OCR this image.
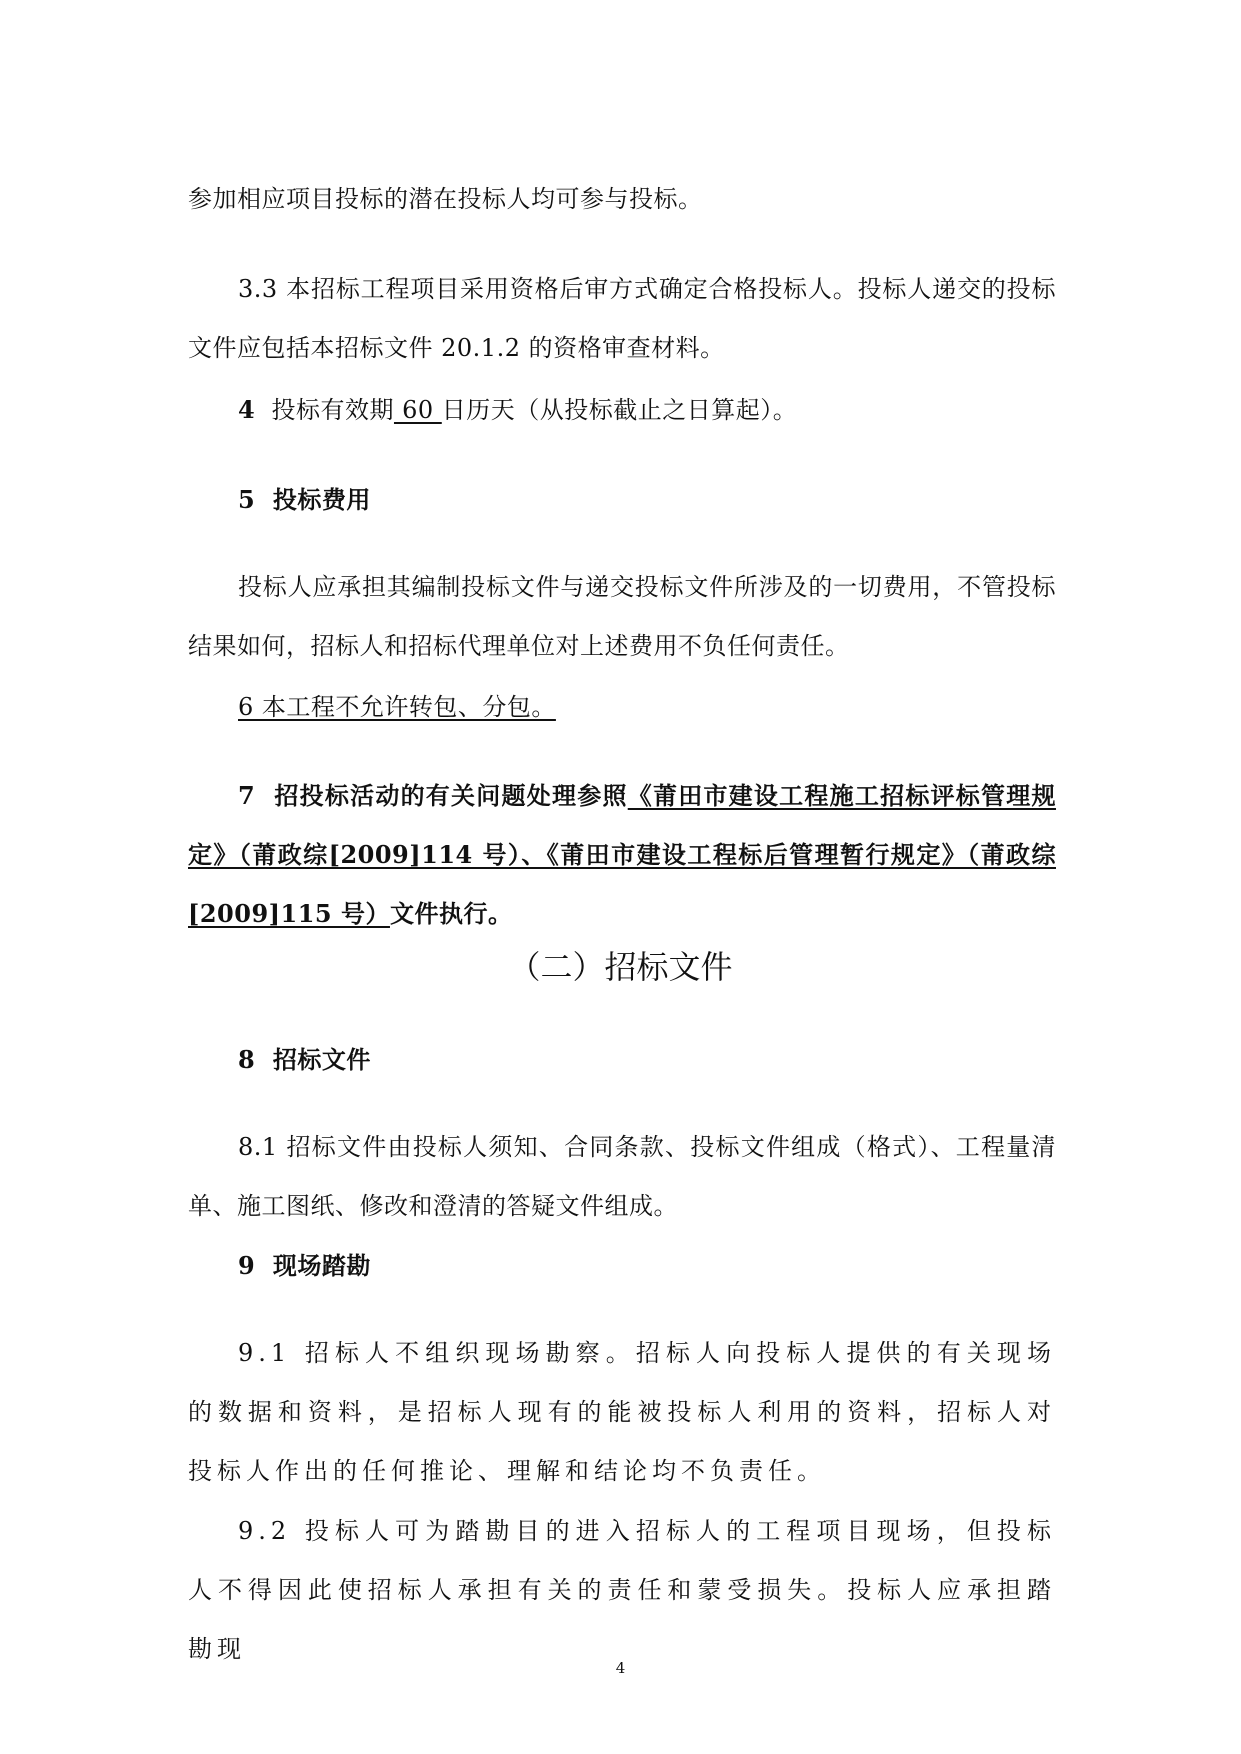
参加相应项目投标的潜在投标人均可参与投标。

3.3 本招标工程项目采用资格后审方式确定合格投标人。投标人递交的投标文件应包括本招标文件 20.1.2 的资格审查材料。

4 投标有效期 60 日历天（从投标截止之日算起）。

5 投标费用

投标人应承担其编制投标文件与递交投标文件所涉及的一切费用，不管投标结果如何，招标人和招标代理单位对上述费用不负任何责任。

6 本工程不允许转包、分包。

7 招投标活动的有关问题处理参照《莆田市建设工程施工招标评标管理规定》（莆政综[2009]114 号）、《莆田市建设工程标后管理暂行规定》（莆政综[2009]115 号）文件执行。

（二）招标文件

8 招标文件

8.1 招标文件由投标人须知、合同条款、投标文件组成（格式）、工程量清单、施工图纸、修改和澄清的答疑文件组成。

9 现场踏勘

9.1 招标人不组织现场勘察。招标人向投标人提供的有关现场的数据和资料，是招标人现有的能被投标人利用的资料，招标人对投标人作出的任何推论、理解和结论均不负责任。

9.2 投标人可为踏勘目的进入招标人的工程项目现场，但投标人不得因此使招标人承担有关的责任和蒙受损失。投标人应承担踏勘现

4
